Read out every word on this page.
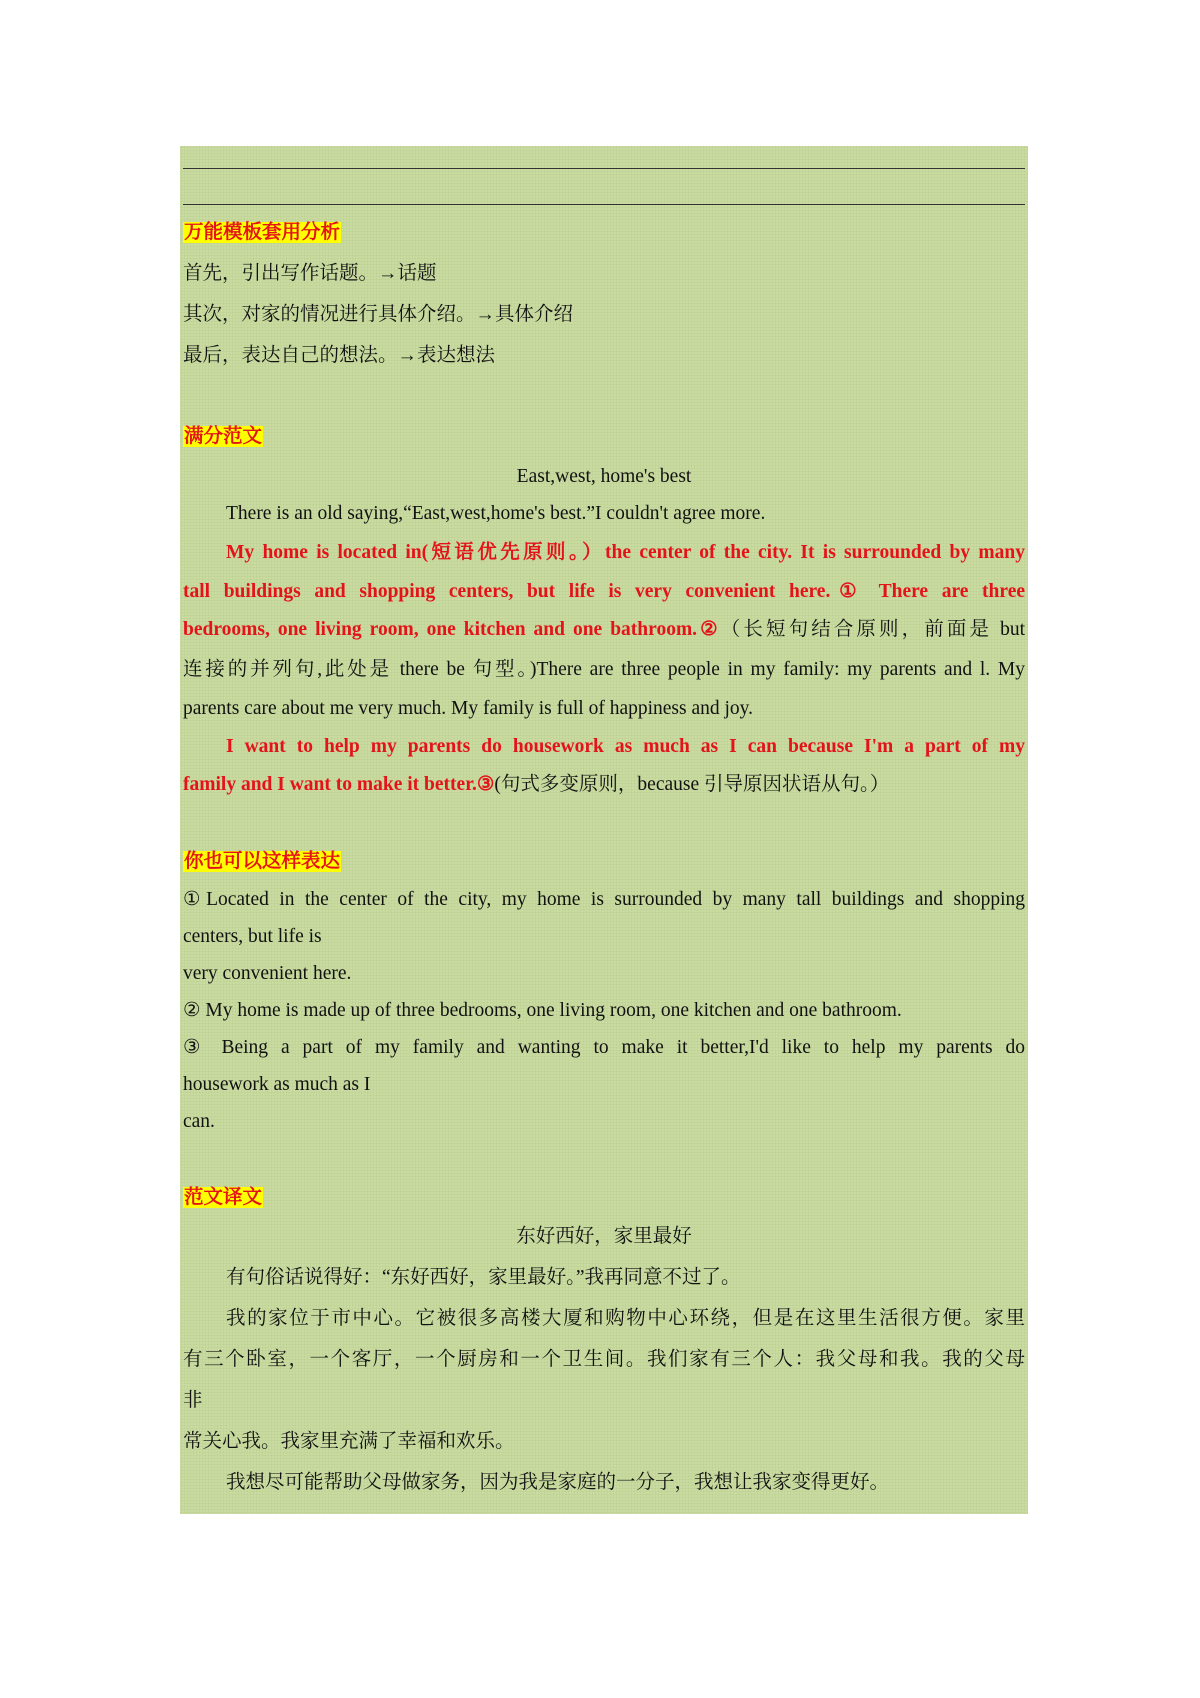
万能模板套用分析
首先，引出写作话题。→话题
其次，对家的情况进行具体介绍。→具体介绍
最后，表达自己的想法。→表达想法
满分范文
East,west, home's best
There is an old saying,“East,west,home's best.”I couldn't agree more.
My home is located in(短语优先原则。）the center of the city. It is surrounded by many
tall buildings and shopping centers, but life is very convenient here.① There are three
bedrooms, one living room, one kitchen and one bathroom.②（长短句结合原则，前面是 but
连接的并列句,此处是 there be 句型。)There are three people in my family: my parents and l. My
parents care about me very much. My family is full of happiness and joy.
I want to help my parents do housework as much as I can because I'm a part of my
family and I want to make it better.③(句式多变原则，because 引导原因状语从句。）
你也可以这样表达
①Located in the center of the city, my home is surrounded by many tall buildings and shopping
centers, but life is
very convenient here.
② My home is made up of three bedrooms, one living room, one kitchen and one bathroom.
③ Being a part of my family and wanting to make it better,I'd like to help my parents do
housework as much as I
can.
范文译文
东好西好，家里最好
有句俗话说得好：“东好西好，家里最好。”我再同意不过了。
我的家位于市中心。它被很多高楼大厦和购物中心环绕，但是在这里生活很方便。家里
有三个卧室，一个客厅，一个厨房和一个卫生间。我们家有三个人：我父母和我。我的父母
非
常关心我。我家里充满了幸福和欢乐。
我想尽可能帮助父母做家务，因为我是家庭的一分子，我想让我家变得更好。
